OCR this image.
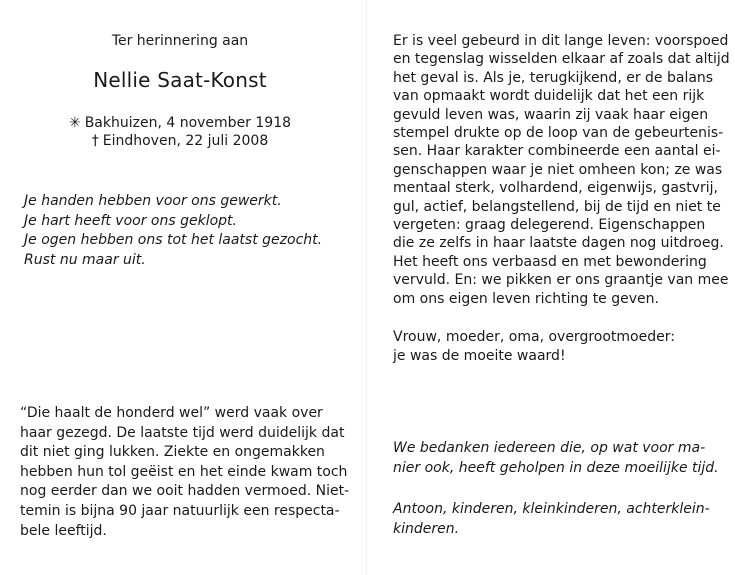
Ter herinnering aan
Nellie Saat-Konst
✳ Bakhuizen, 4 november 1918
† Eindhoven, 22 juli 2008
Je handen hebben voor ons gewerkt.
Je hart heeft voor ons geklopt.
Je ogen hebben ons tot het laatst gezocht.
Rust nu maar uit.
“Die haalt de honderd wel” werd vaak over
haar gezegd. De laatste tijd werd duidelijk dat
dit niet ging lukken. Ziekte en ongemakken
hebben hun tol geëist en het einde kwam toch
nog eerder dan we ooit hadden vermoed. Niet-
temin is bijna 90 jaar natuurlijk een respecta-
bele leeftijd.
Er is veel gebeurd in dit lange leven: voorspoed
en tegenslag wisselden elkaar af zoals dat altijd
het geval is. Als je, terugkijkend, er de balans
van opmaakt wordt duidelijk dat het een rijk
gevuld leven was, waarin zij vaak haar eigen
stempel drukte op de loop van de gebeurtenis-
sen. Haar karakter combineerde een aantal ei-
genschappen waar je niet omheen kon; ze was
mentaal sterk, volhardend, eigenwijs, gastvrij,
gul, actief, belangstellend, bij de tijd en niet te
vergeten: graag delegerend. Eigenschappen
die ze zelfs in haar laatste dagen nog uitdroeg.
Het heeft ons verbaasd en met bewondering
vervuld. En: we pikken er ons graantje van mee
om ons eigen leven richting te geven.
Vrouw, moeder, oma, overgrootmoeder:
je was de moeite waard!
We bedanken iedereen die, op wat voor ma-
nier ook, heeft geholpen in deze moeilijke tijd.
Antoon, kinderen, kleinkinderen, achterklein-
kinderen.
